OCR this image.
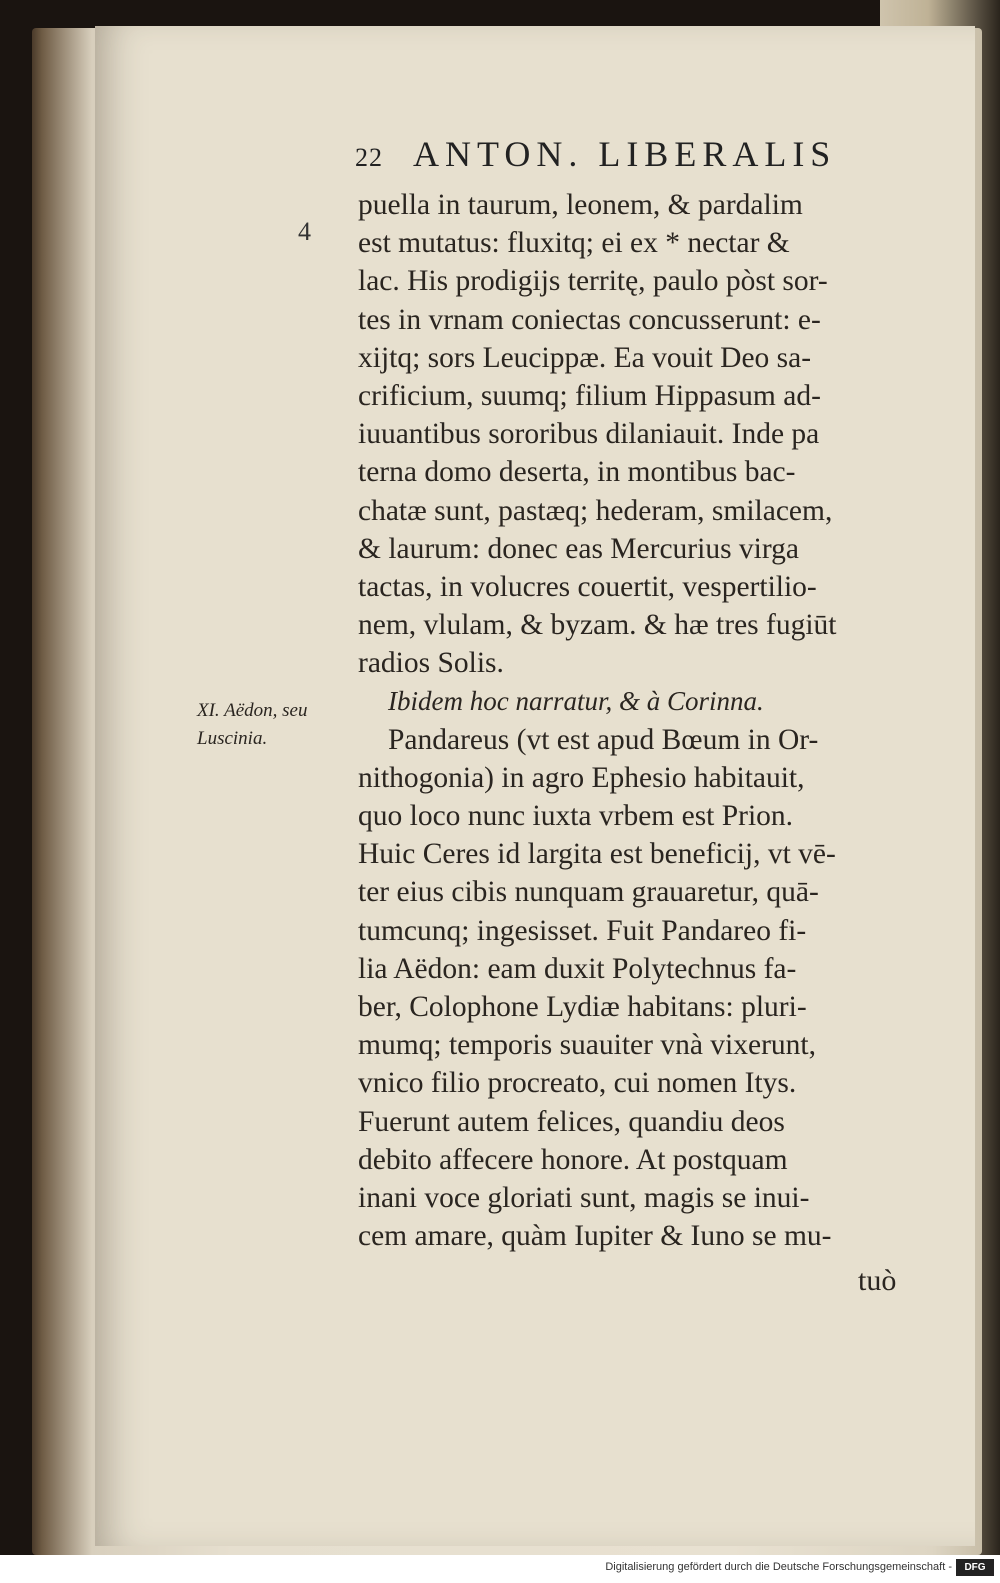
22 ANTON. LIBERALIS
4
XI. Aëdon, seu
Luscinia.
puella in taurum, leonem, & pardalim
est mutatus: fluxitq; ei ex * nectar &
lac. His prodigijs territę, paulo pòst sor-
tes in vrnam coniectas concusserunt: e-
xijtq; sors Leucippæ. Ea vouit Deo sa-
crificium, suumq; filium Hippasum ad-
iuuantibus sororibus dilaniauit. Inde pa
terna domo deserta, in montibus bac-
chatæ sunt, pastæq; hederam, smilacem,
& laurum: donec eas Mercurius virga
tactas, in volucres couertit, vespertilio-
nem, vlulam, & byzam. & hæ tres fugiūt
radios Solis.
Ibidem hoc narratur, & à Corinna.
Pandareus (vt est apud Bœum in Or-
nithogonia) in agro Ephesio habitauit,
quo loco nunc iuxta vrbem est Prion.
Huic Ceres id largita est beneficij, vt vē-
ter eius cibis nunquam grauaretur, quā-
tumcunq; ingesisset. Fuit Pandareo fi-
lia Aëdon: eam duxit Polytechnus fa-
ber, Colophone Lydiæ habitans: pluri-
mumq; temporis suauiter vnà vixerunt,
vnico filio procreato, cui nomen Itys.
Fuerunt autem felices, quandiu deos
debito affecere honore. At postquam
inani voce gloriati sunt, magis se inui-
cem amare, quàm Iupiter & Iuno se mu-
tuò
Digitalisierung gefördert durch die Deutsche Forschungsgemeinschaft -	DFG
